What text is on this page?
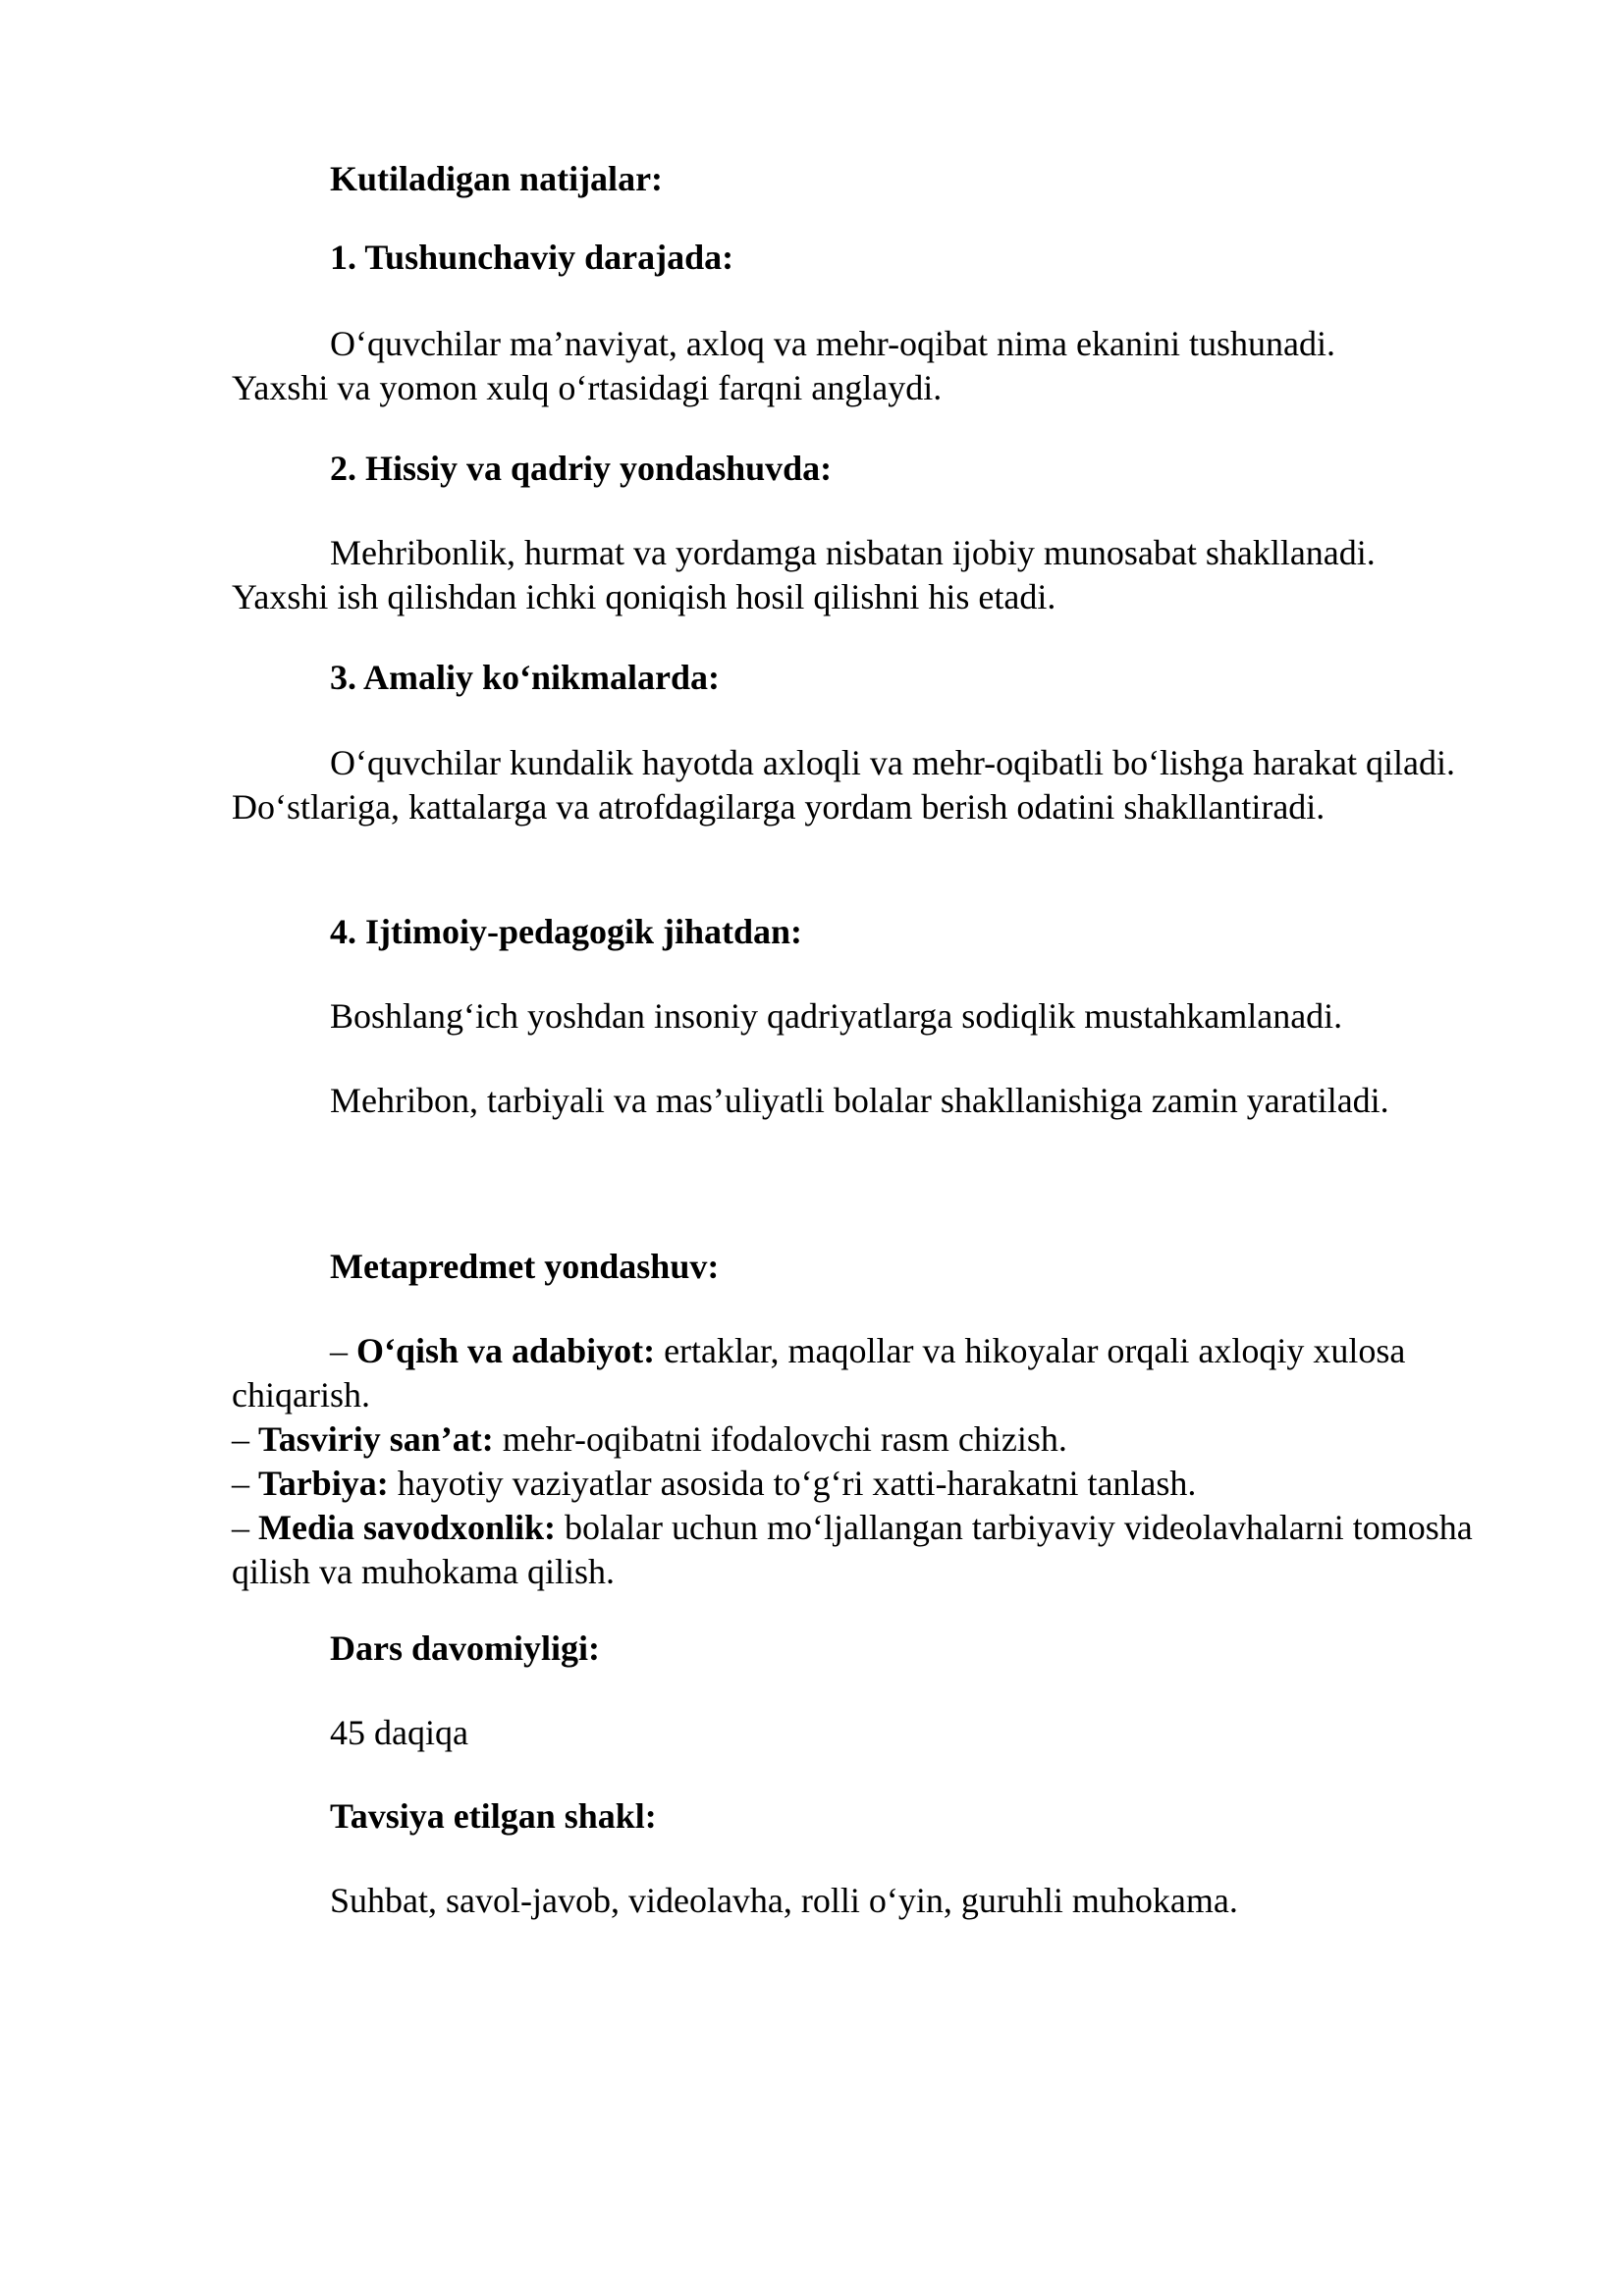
Kutiladigan natijalar:

1. Tushunchaviy darajada:

O‘quvchilar ma’naviyat, axloq va mehr-oqibat nima ekanini tushunadi.
Yaxshi va yomon xulq o‘rtasidagi farqni anglaydi.

2. Hissiy va qadriy yondashuvda:

Mehribonlik, hurmat va yordamga nisbatan ijobiy munosabat shakllanadi.
Yaxshi ish qilishdan ichki qoniqish hosil qilishni his etadi.

3. Amaliy ko‘nikmalarda:

O‘quvchilar kundalik hayotda axloqli va mehr-oqibatli bo‘lishga harakat qiladi.
Do‘stlariga, kattalarga va atrofdagilarga yordam berish odatini shakllantiradi.

4. Ijtimoiy-pedagogik jihatdan:

Boshlang‘ich yoshdan insoniy qadriyatlarga sodiqlik mustahkamlanadi.

Mehribon, tarbiyali va mas’uliyatli bolalar shakllanishiga zamin yaratiladi.

Metapredmet yondashuv:

– O‘qish va adabiyot: ertaklar, maqollar va hikoyalar orqali axloqiy xulosa chiqarish.
– Tasviriy san’at: mehr-oqibatni ifodalovchi rasm chizish.
– Tarbiya: hayotiy vaziyatlar asosida to‘g‘ri xatti-harakatni tanlash.
– Media savodxonlik: bolalar uchun mo‘ljallangan tarbiyaviy videolavhalarni tomosha qilish va muhokama qilish.

Dars davomiyligi:

45 daqiqa

Tavsiya etilgan shakl:

Suhbat, savol-javob, videolavha, rolli o‘yin, guruhli muhokama.
